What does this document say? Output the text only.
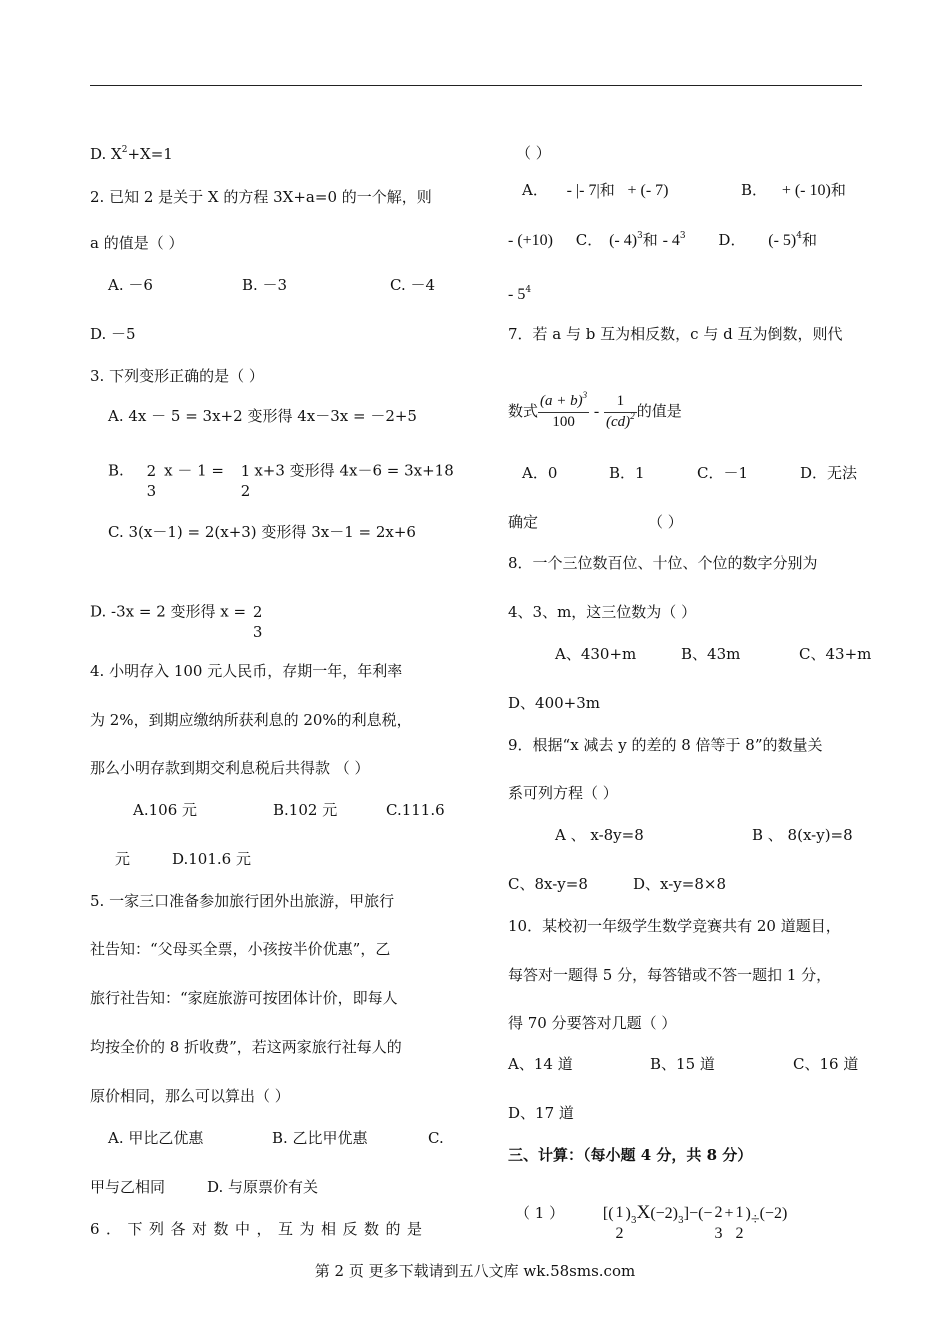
D. $X^2+X=1$
2. 已知 2 是关于 X 的方程 3X+a=0 的一个解，则
a 的值是（ ）
A. －6	B. －3	C. －4
D. －5
3. 下列变形正确的是（ ）
A. 4x － 5 = 3x+2 变形得 4x－3x = －2+5
B. 2
3
x － 1 = 1
2
x+3 变形得 4x－6 = 3x+18
C. 3(x－1) = 2(x+3) 变形得 3x－1 = 2x+6
D. -3x = 2 变形得 x = 2
3
4. 小明存入 100 元人民币，存期一年，年利率
为 2%，到期应缴纳所获利息的 20%的利息税，
那么小明存款到期交利息税后共得款 （ ）
A.106 元	B.102 元	C.111.6
元	D.101.6 元
5. 一家三口准备参加旅行团外出旅游，甲旅行
社告知：“父母买全票，小孩按半价优惠”，乙
旅行社告知：“家庭旅游可按团体计价，即每人
均按全价的 8 折收费”，若这两家旅行社每人的
原价相同，那么可以算出（ ）
A. 甲比乙优惠	B. 乙比甲优惠	C.
甲与乙相同	D. 与原票价有关
6．下列各对数中，互为相反数的是
（ ）
A． - |- 7|和 + (- 7)	B． + (- 10)和
- (+10) C． (- 4)$^3$和 - $4^3$ D． (- 5)$^4$和
- $5^4$
7．若 a 与 b 互为相反数，c 与 d 互为倒数，则代
数式 $\frac{(a + b)^3}{100} - \frac{1}{(cd)^2}$ 的值是
A．0	B．1	C．－1	D．无法
确定	（ ）
8．一个三位数百位、十位、个位的数字分别为
4、3、m，这三位数为（ ）
A、430+m	B、43m	C、43+m
D、400+3m
9．根据“x 减去 y 的差的 8 倍等于 8”的数量关
系可列方程（ ）
A 、 x-8y=8	B 、 8(x-y)=8
C、8x-y=8	D、x-y=8×8
10．某校初一年级学生数学竞赛共有 20 道题目，
每答对一题得 5 分，每答错或不答一题扣 1 分，
得 70 分要答对几题（ ）
A、14 道	B、15 道	C、16 道
D、17 道
三、计算：（每小题 4 分，共 8 分）
（ 1 ） [( 1
2
)$_3X(-2)_3]-(- 2$
3
+ 1
2
)÷(−2)
第 2 页 更多下载请到五八文库 wk.58sms.com
